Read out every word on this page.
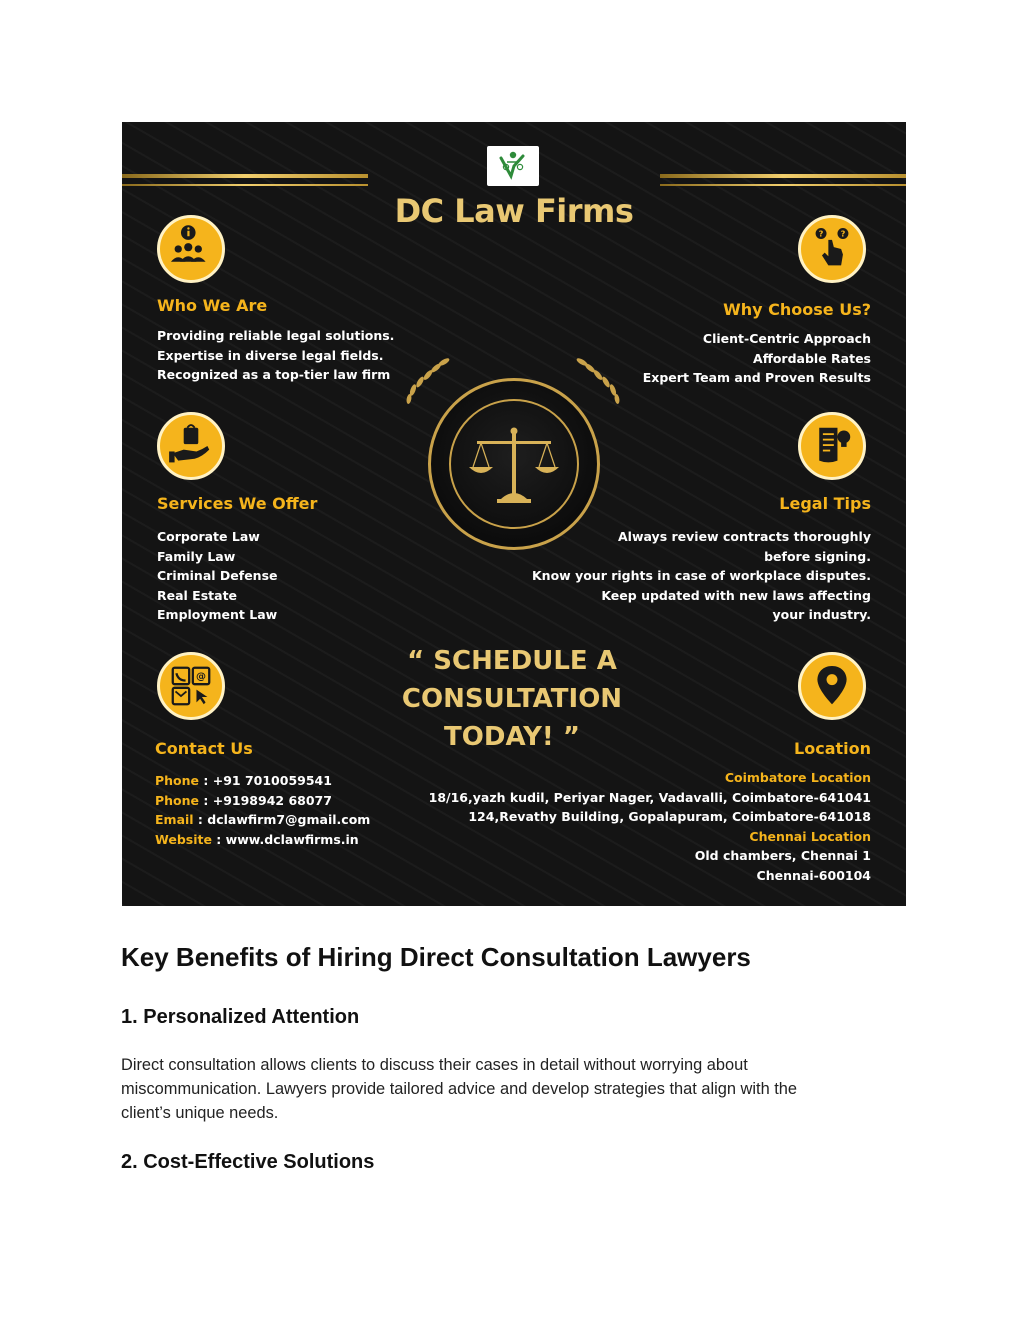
DC Law Firms
Who We Are
Providing reliable legal solutions.
Expertise in diverse legal fields.
Recognized as a top-tier law firm
? ?
Why Choose Us?
Client-Centric Approach
Affordable Rates
Expert Team and Proven Results
Services We Offer
Corporate Law
Family Law
Criminal Defense
Real Estate
Employment Law
Legal Tips
Always review contracts thoroughly
before signing.
Know your rights in case of workplace disputes.
Keep updated with new laws affecting
your industry.
“ SCHEDULE A
CONSULTATION
TODAY! ”
@
Contact Us
Phone : +91 7010059541
Phone : +9198942 68077
Email : dclawfirm7@gmail.com
Website : www.dclawfirms.in
Location
Coimbatore Location
18/16,yazh kudil, Periyar Nager, Vadavalli, Coimbatore-641041
124,Revathy Building, Gopalapuram, Coimbatore-641018
Chennai Location
Old chambers, Chennai 1
Chennai-600104
Key Benefits of Hiring Direct Consultation Lawyers
1. Personalized Attention
Direct consultation allows clients to discuss their cases in detail without worrying about
miscommunication. Lawyers provide tailored advice and develop strategies that align with the
client’s unique needs.
2. Cost-Effective Solutions
